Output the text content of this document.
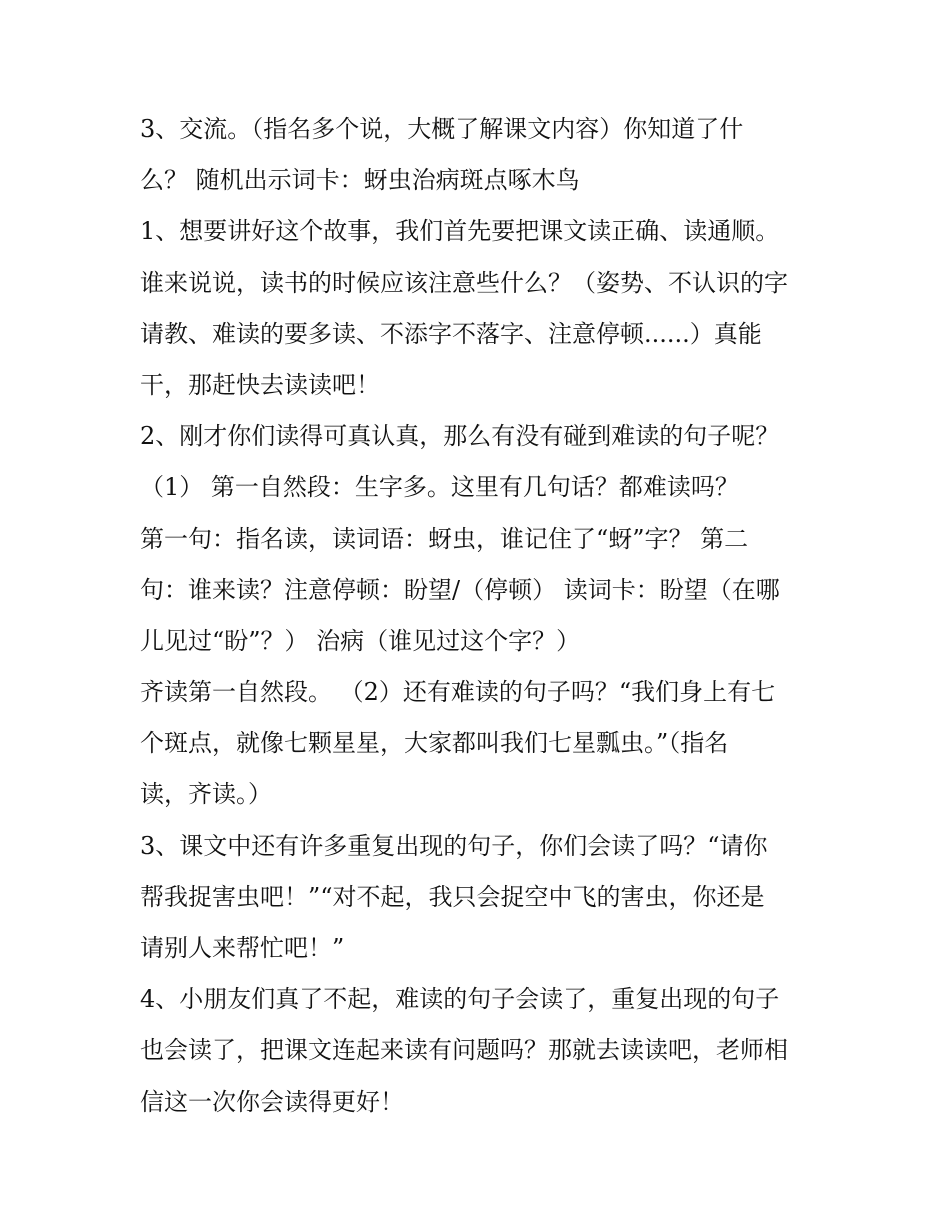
3、交流。（指名多个说，大概了解课文内容）你知道了什

么？ 随机出示词卡：蚜虫治病斑点啄木鸟

1、想要讲好这个故事，我们首先要把课文读正确、读通顺。

谁来说说，读书的时候应该注意些什么？（姿势、不认识的字

请教、难读的要多读、不添字不落字、注意停顿......）真能

干，那赶快去读读吧！

2、刚才你们读得可真认真，那么有没有碰到难读的句子呢？

（1） 第一自然段：生字多。这里有几句话？都难读吗？

第一句：指名读，读词语：蚜虫，谁记住了“蚜”字？ 第二

句：谁来读？注意停顿：盼望/（停顿） 读词卡：盼望（在哪

儿见过“盼”？） 治病（谁见过这个字？）

齐读第一自然段。 （2）还有难读的句子吗？“我们身上有七

个斑点，就像七颗星星，大家都叫我们七星瓢虫。”（指名

读，齐读。）

3、课文中还有许多重复出现的句子，你们会读了吗？“请你

帮我捉害虫吧！”“对不起，我只会捉空中飞的害虫，你还是

请别人来帮忙吧！”

4、小朋友们真了不起，难读的句子会读了，重复出现的句子

也会读了，把课文连起来读有问题吗？那就去读读吧，老师相

信这一次你会读得更好！
